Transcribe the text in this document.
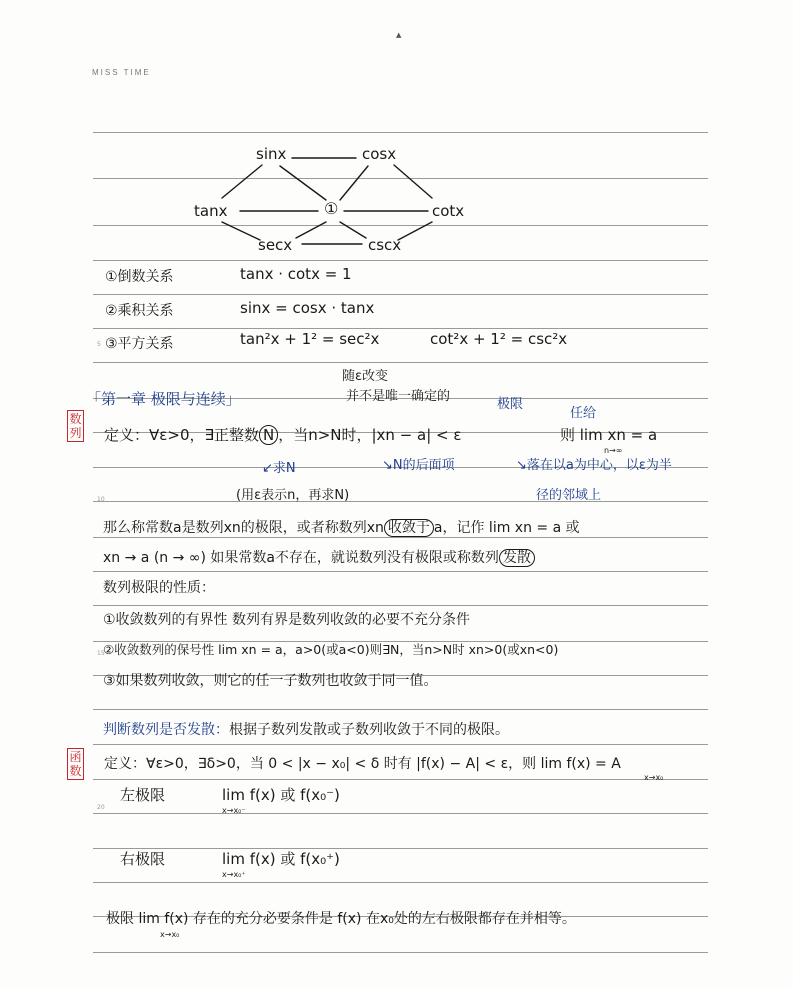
▲
MISS TIME
5
10
15
20
sinx	cosx
tanx	①	cotx
secx	cscx
①倒数关系	tanx · cotx = 1
②乘积关系	sinx = cosx · tanx
③平方关系	tan²x + 1² = sec²x	cot²x + 1² = csc²x
「第一章 极限与连续」
随ε改变
并不是唯一确定的
极限
任给
数列 定义：∀ε>0，∃正整数 N ，当n>N时，|xn − a| < ε	则 lim xn = a
n→∞
↙求N	↘N的后面项	↘落在以a为中心，以ε为半
(用ε表示n，再求N)	径的邻域上
那么称常数a是数列xn的极限，或者称数列xn 收敛于 a，记作 lim xn = a 或
xn → a (n → ∞) 如果常数a不存在，就说数列没有极限或称数列 发散
数列极限的性质：
①收敛数列的有界性 数列有界是数列收敛的必要不充分条件
②收敛数列的保号性 lim xn = a，a>0(或a<0)则∃N，当n>N时 xn>0(或xn<0)
③如果数列收敛，则它的任一子数列也收敛于同一值。
判断数列是否发散：根据子数列发散或子数列收敛于不同的极限。
函数 定义：∀ε>0，∃δ>0，当 0 < |x − x₀| < δ 时有 |f(x) − A| < ε，则 lim f(x) = A
x→x₀
左极限	lim f(x) 或 f(x₀⁻)
x→x₀⁻
右极限	lim f(x) 或 f(x₀⁺)
x→x₀⁺
极限 lim f(x) 存在的充分必要条件是 f(x) 在x₀处的左右极限都存在并相等。
x→x₀
